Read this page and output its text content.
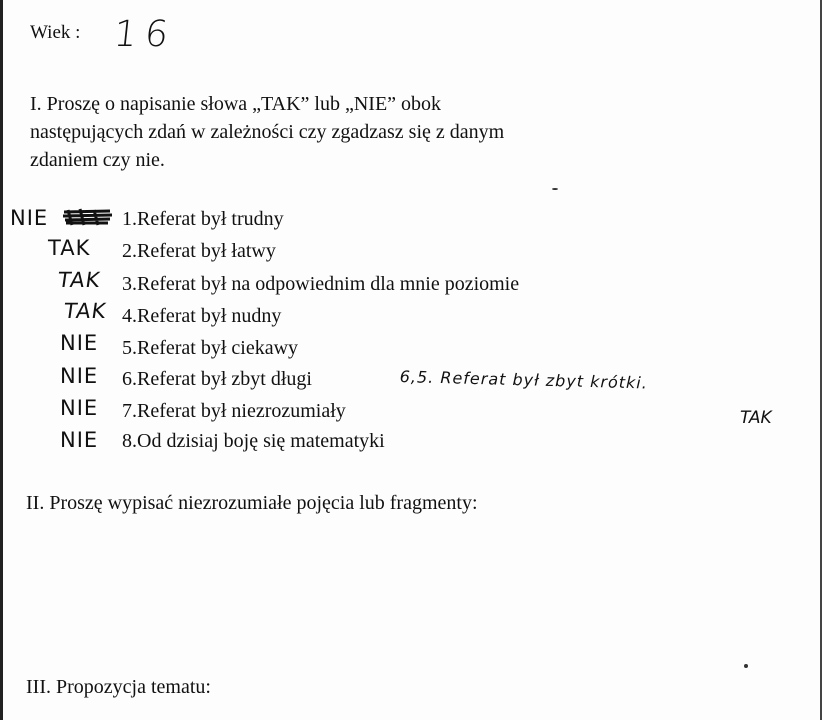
Wiek : 16
I. Proszę o napisanie słowa „TAK” lub „NIE” obok
następujących zdań w zależności czy zgadzasz się z danym
zdaniem czy nie.
NIE
TAK
TAK
TAK
NIE
NIE
NIE
NIE
1.Referat był trudny
2.Referat był łatwy
3.Referat był na odpowiednim dla mnie poziomie
4.Referat był nudny
5.Referat był ciekawy
6.Referat był zbyt długi
7.Referat był niezrozumiały
8.Od dzisiaj boję się matematyki
6,5. Referat był zbyt krótki.
TAK
II. Proszę wypisać niezrozumiałe pojęcia lub fragmenty:
III. Propozycja tematu:
